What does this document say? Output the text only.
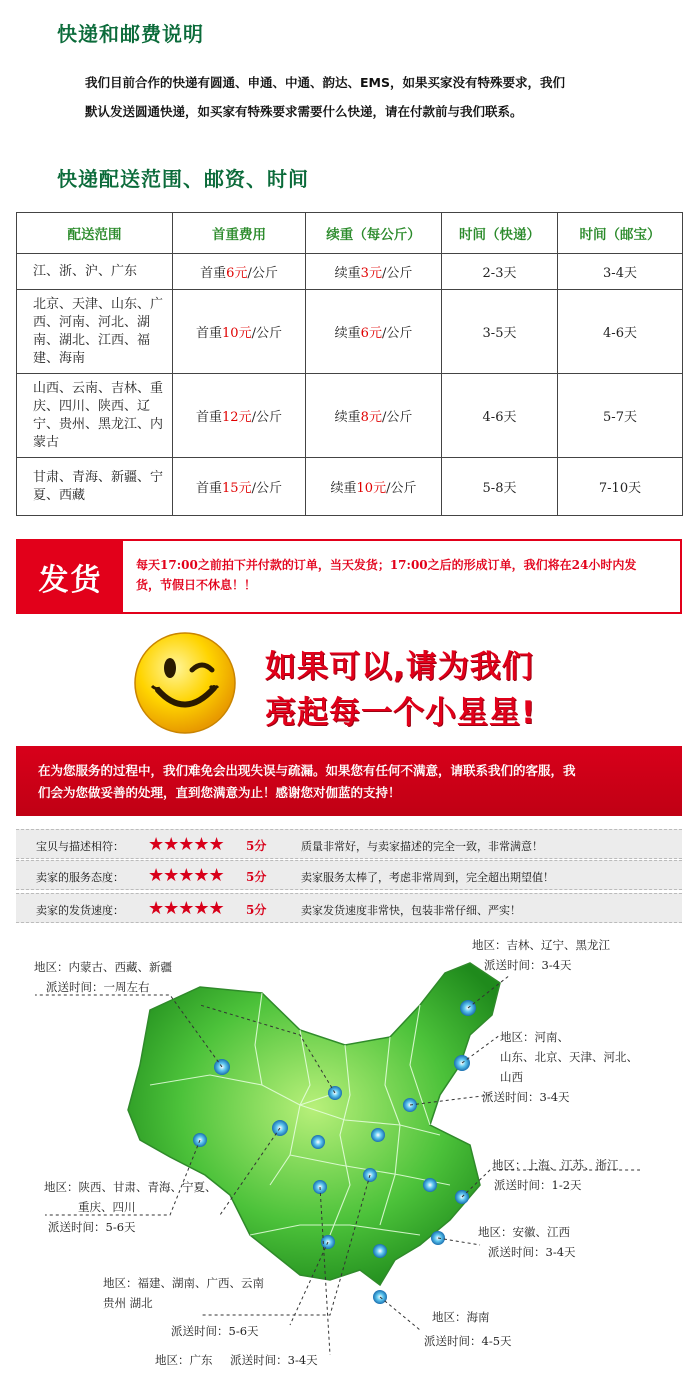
快递和邮费说明
我们目前合作的快递有圆通、申通、中通、韵达、EMS，如果买家没有特殊要求，我们
默认发送圆通快递，如买家有特殊要求需要什么快递，请在付款前与我们联系。
快递配送范围、邮资、时间
配送范围	首重费用	续重（每公斤）	时间（快递）	时间（邮宝）
江、浙、沪、广东	首重6元/公斤	续重3元/公斤	2-3天	3-4天
北京、天津、山东、广西、河南、河北、湖南、湖北、江西、福建、海南	首重10元/公斤	续重6元/公斤	3-5天	4-6天
山西、云南、吉林、重庆、四川、陕西、辽宁、贵州、黑龙江、内蒙古	首重12元/公斤	续重8元/公斤	4-6天	5-7天
甘肃、青海、新疆、宁夏、西藏	首重15元/公斤	续重10元/公斤	5-8天	7-10天
发货	每天17:00之前拍下并付款的订单，当天发货；17:00之后的形成订单，我们将在24小时内发
货，节假日不休息！！
如果可以,请为我们
亮起每一个小星星!
在为您服务的过程中，我们难免会出现失误与疏漏。如果您有任何不满意，请联系我们的客服，我
们会为您做妥善的处理，直到您满意为止！感谢您对伽蓝的支持！
宝贝与描述相符： ★★★★★ 5分	质量非常好，与卖家描述的完全一致，非常满意！
卖家的服务态度： ★★★★★ 5分	卖家服务太棒了，考虑非常周到，完全超出期望值！
卖家的发货速度： ★★★★★ 5分	卖家发货速度非常快，包装非常仔细、严实！
地区：吉林、辽宁、黑龙江
派送时间：3-4天
地区：内蒙古、西藏、新疆
派送时间：一周左右
地区：河南、
山东、北京、天津、河北、
山西
派送时间：3-4天
地区：上海、江苏、浙江
派送时间：1-2天
地区：陕西、甘肃、青海、宁夏、
重庆、四川
派送时间：5-6天	地区：安徽、江西
派送时间：3-4天
地区：福建、湖南、广西、云南
贵州 湖北
派送时间：5-6天
地区：海南
派送时间：4-5天
地区：广东 派送时间：3-4天
